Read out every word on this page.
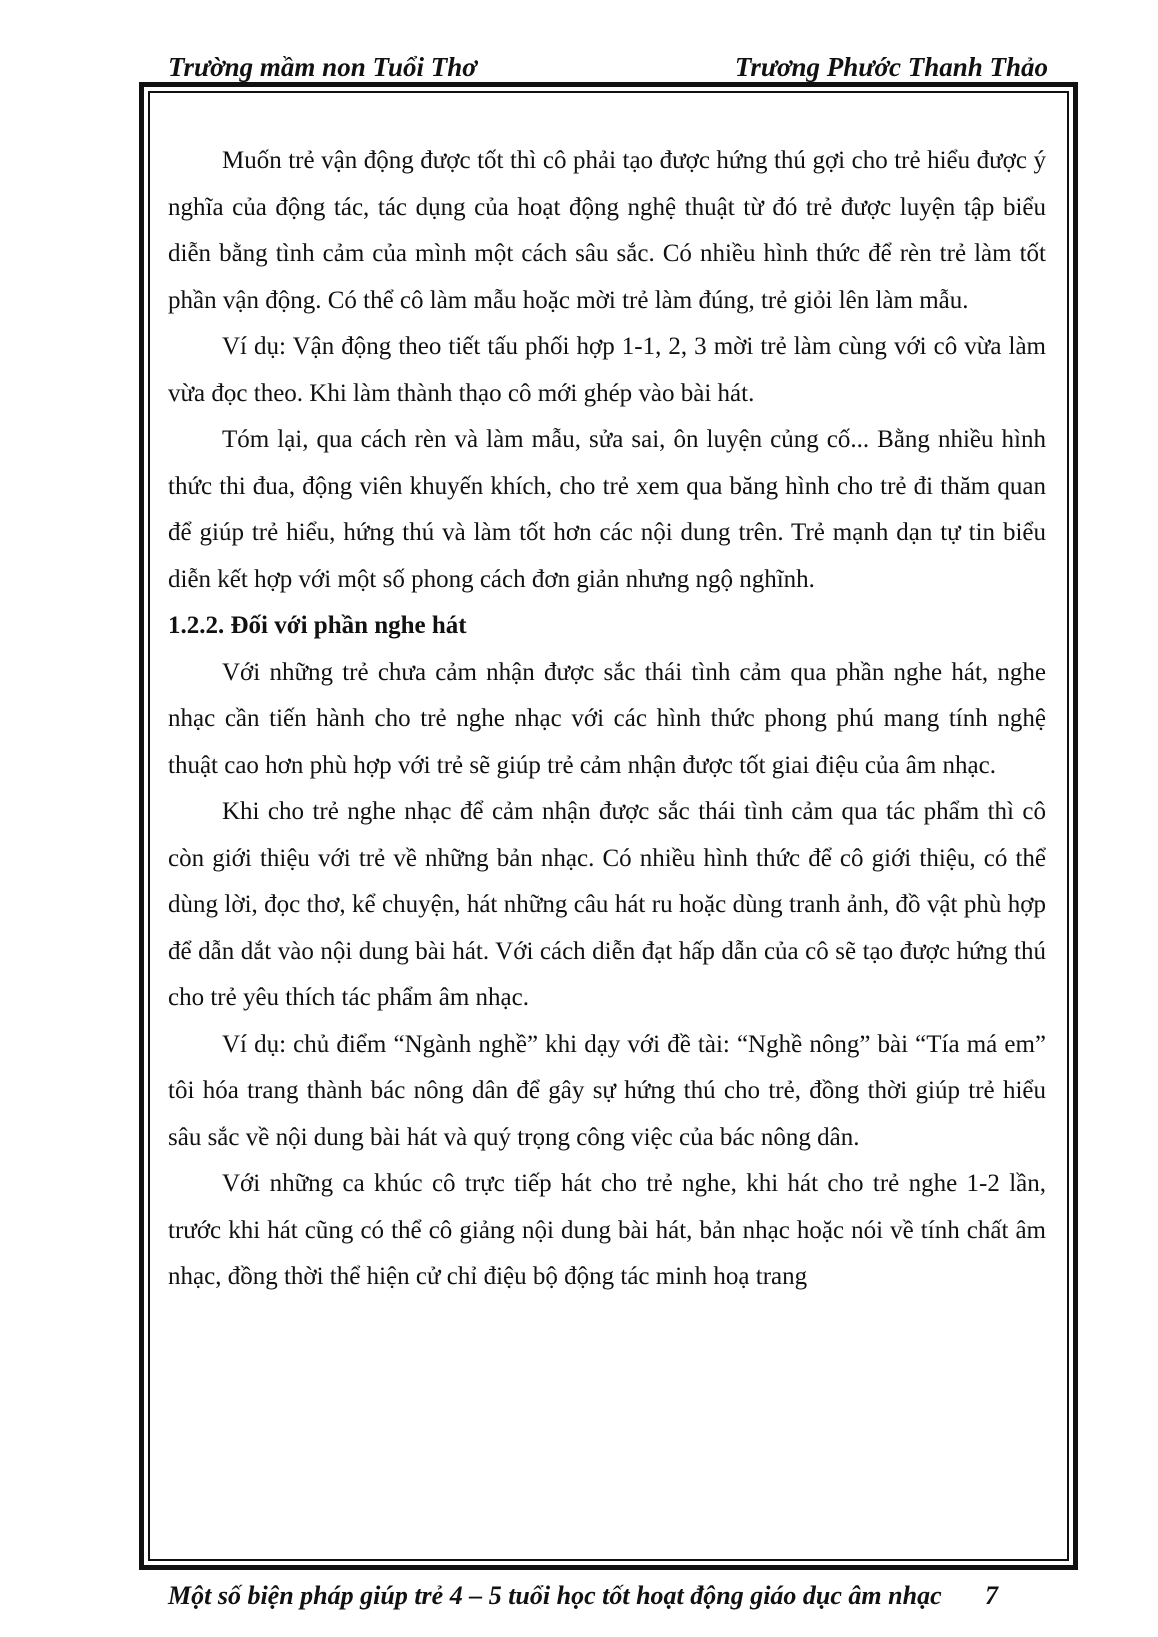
Trường mầm non Tuổi Thơ	Trương Phước Thanh Thảo

Muốn trẻ vận động được tốt thì cô phải tạo được hứng thú gợi cho trẻ hiểu được ý nghĩa của động tác, tác dụng của hoạt động nghệ thuật từ đó trẻ được luyện tập biểu diễn bằng tình cảm của mình một cách sâu sắc. Có nhiều hình thức để rèn trẻ làm tốt phần vận động. Có thể cô làm mẫu hoặc mời trẻ làm đúng, trẻ giỏi lên làm mẫu.

Ví dụ: Vận động theo tiết tấu phối hợp 1-1, 2, 3 mời trẻ làm cùng với cô vừa làm vừa đọc theo. Khi làm thành thạo cô mới ghép vào bài hát.

Tóm lại, qua cách rèn và làm mẫu, sửa sai, ôn luyện củng cố... Bằng nhiều hình thức thi đua, động viên khuyến khích, cho trẻ xem qua băng hình cho trẻ đi thăm quan để giúp trẻ hiểu, hứng thú và làm tốt hơn các nội dung trên. Trẻ mạnh dạn tự tin biểu diễn kết hợp với một số phong cách đơn giản nhưng ngộ nghĩnh.

1.2.2. Đối với phần nghe hát

Với những trẻ chưa cảm nhận được sắc thái tình cảm qua phần nghe hát, nghe nhạc cần tiến hành cho trẻ nghe nhạc với các hình thức phong phú mang tính nghệ thuật cao hơn phù hợp với trẻ sẽ giúp trẻ cảm nhận được tốt giai điệu của âm nhạc.

Khi cho trẻ nghe nhạc để cảm nhận được sắc thái tình cảm qua tác phẩm thì cô còn giới thiệu với trẻ về những bản nhạc. Có nhiều hình thức để cô giới thiệu, có thể dùng lời, đọc thơ, kể chuyện, hát những câu hát ru hoặc dùng tranh ảnh, đồ vật phù hợp để dẫn dắt vào nội dung bài hát. Với cách diễn đạt hấp dẫn của cô sẽ tạo được hứng thú cho trẻ yêu thích tác phẩm âm nhạc.

Ví dụ: chủ điểm “Ngành nghề” khi dạy với đề tài: “Nghề nông” bài “Tía má em” tôi hóa trang thành bác nông dân để gây sự hứng thú cho trẻ, đồng thời giúp trẻ hiểu sâu sắc về nội dung bài hát và quý trọng công việc của bác nông dân.

Với những ca khúc cô trực tiếp hát cho trẻ nghe, khi hát cho trẻ nghe 1-2 lần, trước khi hát cũng có thể cô giảng nội dung bài hát, bản nhạc hoặc nói về tính chất âm nhạc, đồng thời thể hiện cử chỉ điệu bộ động tác minh hoạ trang

Một số biện pháp giúp trẻ 4 – 5 tuổi học tốt hoạt động giáo dục âm nhạc 7
